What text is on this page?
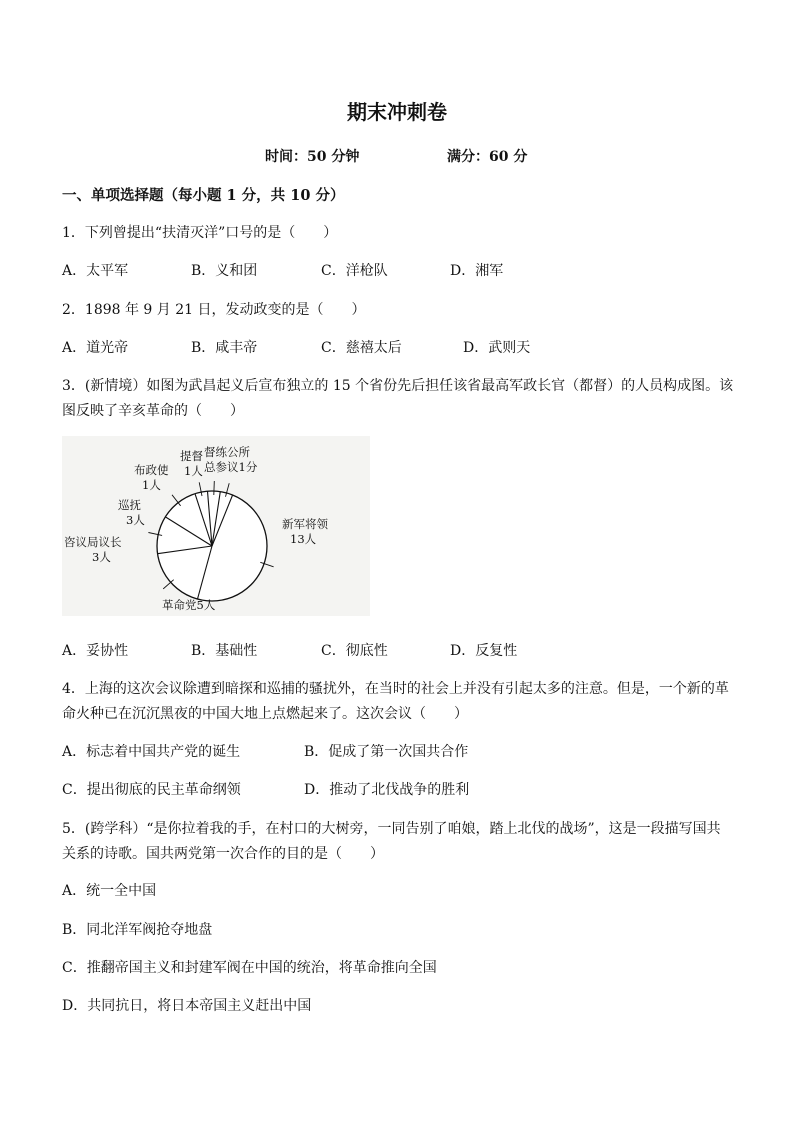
期末冲刺卷
时间：50 分钟	满分：60 分
一、单项选择题（每小题 1 分，共 10 分）
1．下列曾提出“扶清灭洋”口号的是（　　）
A．太平军	B．义和团	C．洋枪队	D．湘军
2．1898 年 9 月 21 日，发动政变的是（　　）
A．道光帝	B．咸丰帝	C．慈禧太后	D．武则天
3．(新情境）如图为武昌起义后宣布独立的 15 个省份先后担任该省最高军政长官（都督）的人员构成图。该
图反映了辛亥革命的（　　）
新军将领
13人
革命党5人
咨议局议长
3人
巡抚
3人
布政使
1人
提督
1人
督练公所
总参议1分
A．妥协性	B．基础性	C．彻底性	D．反复性
4．上海的这次会议除遭到暗探和巡捕的骚扰外，在当时的社会上并没有引起太多的注意。但是，一个新的革
命火种已在沉沉黑夜的中国大地上点燃起来了。这次会议（　　）
A．标志着中国共产党的诞生	B．促成了第一次国共合作
C．提出彻底的民主革命纲领	D．推动了北伐战争的胜利
5．(跨学科）“是你拉着我的手，在村口的大树旁，一同告别了咱娘，踏上北伐的战场”，这是一段描写国共
关系的诗歌。国共两党第一次合作的目的是（　　）
A．统一全中国
B．同北洋军阀抢夺地盘
C．推翻帝国主义和封建军阀在中国的统治，将革命推向全国
D．共同抗日，将日本帝国主义赶出中国
